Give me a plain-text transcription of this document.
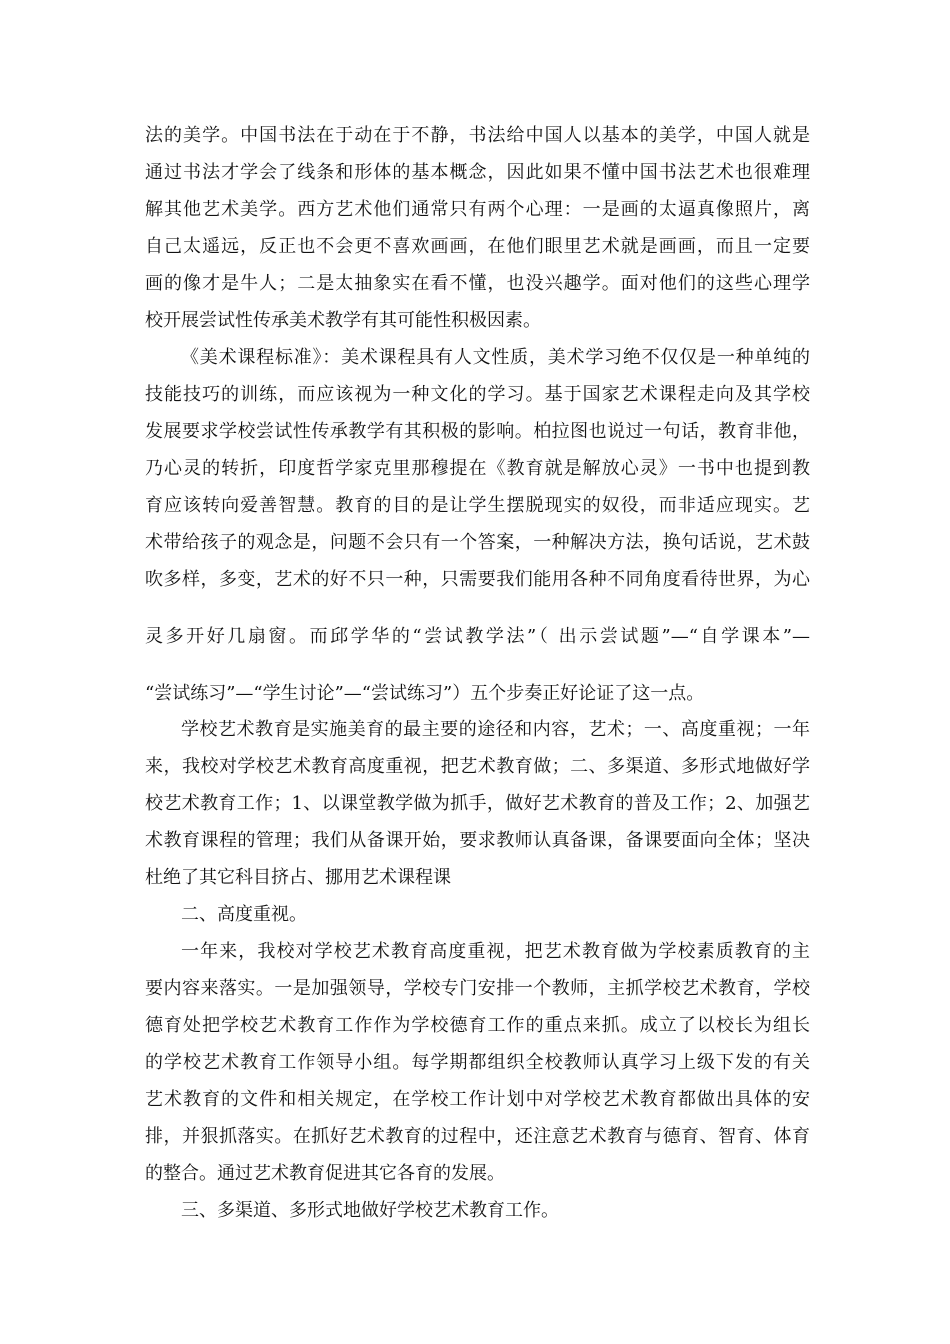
法的美学。中国书法在于动在于不静，书法给中国人以基本的美学，中国人就是
通过书法才学会了线条和形体的基本概念，因此如果不懂中国书法艺术也很难理
解其他艺术美学。西方艺术他们通常只有两个心理：一是画的太逼真像照片，离
自己太遥远，反正也不会更不喜欢画画，在他们眼里艺术就是画画，而且一定要
画的像才是牛人；二是太抽象实在看不懂，也没兴趣学。面对他们的这些心理学
校开展尝试性传承美术教学有其可能性积极因素。
《美术课程标准》：美术课程具有人文性质，美术学习绝不仅仅是一种单纯的
技能技巧的训练，而应该视为一种文化的学习。基于国家艺术课程走向及其学校
发展要求学校尝试性传承教学有其积极的影响。柏拉图也说过一句话，教育非他，
乃心灵的转折，印度哲学家克里那穆提在《教育就是解放心灵》一书中也提到教
育应该转向爱善智慧。教育的目的是让学生摆脱现实的奴役，而非适应现实。艺
术带给孩子的观念是，问题不会只有一个答案，一种解决方法，换句话说，艺术鼓
吹多样，多变，艺术的好不只一种，只需要我们能用各种不同角度看待世界，为心
灵多开好几扇窗。而邱学华的“尝试教学法”（ 出示尝试题”—“自学课本”—
“尝试练习”—“学生讨论”—“尝试练习”）五个步奏正好论证了这一点。
学校艺术教育是实施美育的最主要的途径和内容，艺术；一、高度重视；一年
来，我校对学校艺术教育高度重视，把艺术教育做；二、多渠道、多形式地做好学
校艺术教育工作；1、以课堂教学做为抓手，做好艺术教育的普及工作；2、加强艺
术教育课程的管理；我们从备课开始，要求教师认真备课，备课要面向全体；坚决
杜绝了其它科目挤占、挪用艺术课程课
二、高度重视。
一年来，我校对学校艺术教育高度重视，把艺术教育做为学校素质教育的主
要内容来落实。一是加强领导，学校专门安排一个教师，主抓学校艺术教育，学校
德育处把学校艺术教育工作作为学校德育工作的重点来抓。成立了以校长为组长
的学校艺术教育工作领导小组。每学期都组织全校教师认真学习上级下发的有关
艺术教育的文件和相关规定，在学校工作计划中对学校艺术教育都做出具体的安
排，并狠抓落实。在抓好艺术教育的过程中，还注意艺术教育与德育、智育、体育
的整合。通过艺术教育促进其它各育的发展。
三、多渠道、多形式地做好学校艺术教育工作。
